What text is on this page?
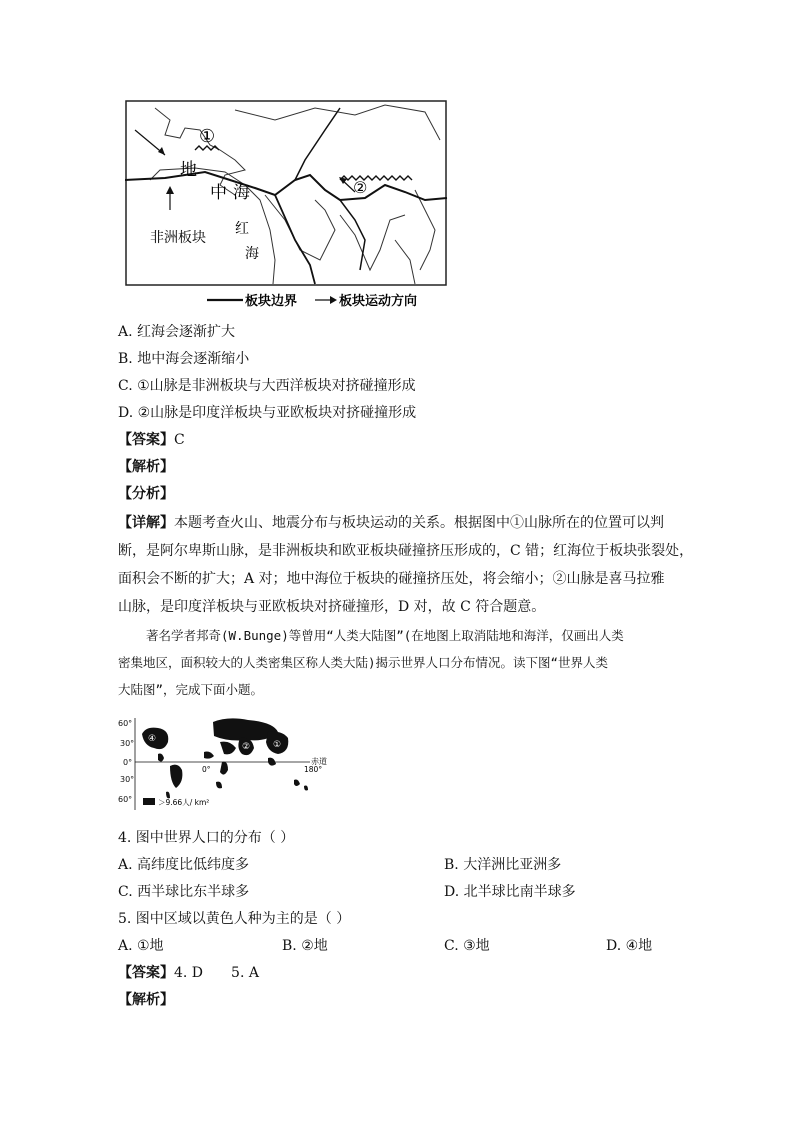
①
②
地
中 海
非洲板块
红
海
板块边界	板块运动方向
A. 红海会逐渐扩大
B. 地中海会逐渐缩小
C. ①山脉是非洲板块与大西洋板块对挤碰撞形成
D. ②山脉是印度洋板块与亚欧板块对挤碰撞形成
【答案】C
【解析】
【分析】
【详解】本题考查火山、地震分布与板块运动的关系。根据图中①山脉所在的位置可以判
断，是阿尔卑斯山脉，是非洲板块和欧亚板块碰撞挤压形成的，C 错；红海位于板块张裂处，
面积会不断的扩大；A 对；地中海位于板块的碰撞挤压处，将会缩小；②山脉是喜马拉雅
山脉，是印度洋板块与亚欧板块对挤碰撞形，D 对，故 C 符合题意。
著名学者邦奇(W.Bunge)等曾用“人类大陆图”(在地图上取消陆地和海洋，仅画出人类
密集地区，面积较大的人类密集区称人类大陆)揭示世界人口分布情况。读下图“世界人类
大陆图”，完成下面小题。
60°
30°
0°
30°
60°
赤道
0°	180°
④
②	①
＞9.66人/ km²
4. 图中世界人口的分布（ ）
A. 高纬度比低纬度多	B. 大洋洲比亚洲多
C. 西半球比东半球多	D. 北半球比南半球多
5. 图中区域以黄色人种为主的是（ ）
A. ①地	B. ②地	C. ③地	D. ④地
【答案】4. D 5. A
【解析】
